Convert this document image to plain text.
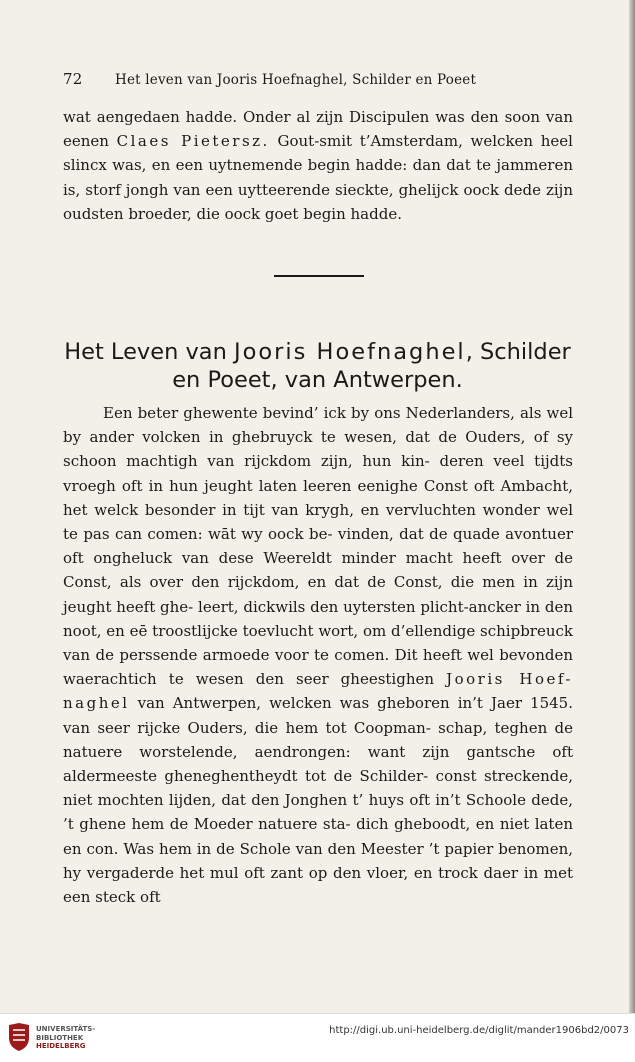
72 Het leven van Jooris Hoefnaghel, Schilder en Poeet

wat aengedaen hadde. Onder al zijn Discipulen was den soon van eenen Claes Pietersz. Gout-smit t’Amsterdam, welcken heel slincx was, en een uytnemende begin hadde: dan dat te jammeren is, storf jongh van een uytteerende sieckte, ghelijck oock dede zijn oudsten broeder, die oock goet begin hadde.

Het Leven van Jooris Hoefnaghel, Schilder
en Poeet, van Antwerpen.

Een beter ghewente bevind’ ick by ons Nederlanders, als wel by ander volcken in ghebruyck te wesen, dat de Ouders, of sy schoon machtigh van rijckdom zijn, hun kin- deren veel tijdts vroegh oft in hun jeught laten leeren eenighe Const oft Ambacht, het welck besonder in tijt van krygh, en vervluchten wonder wel te pas can comen: wāt wy oock be- vinden, dat de quade avontuer oft ongheluck van dese Weereldt minder macht heeft over de Const, als over den rijckdom, en dat de Const, die men in zijn jeught heeft ghe- leert, dickwils den uytersten plicht-ancker in den noot, en eē troostlijcke toevlucht wort, om d’ellendige schipbreuck van de perssende armoede voor te comen. Dit heeft wel bevonden waerachtich te wesen den seer gheestighen Jooris Hoef-naghel van Antwerpen, welcken was gheboren in’t Jaer 1545. van seer rijcke Ouders, die hem tot Coopman- schap, teghen de natuere worstelende, aendrongen: want zijn gantsche oft aldermeeste gheneghentheydt tot de Schilder- const streckende, niet mochten lijden, dat den Jonghen t’ huys oft in’t Schoole dede, ’t ghene hem de Moeder natuere sta- dich gheboodt, en niet laten en con. Was hem in de Schole van den Meester ’t papier benomen, hy vergaderde het mul oft zant op den vloer, en trock daer in met een steck oft

UNIVERSITÄTS-
BIBLIOTHEK
HEIDELBERG
http://digi.ub.uni-heidelberg.de/diglit/mander1906bd2/0073
